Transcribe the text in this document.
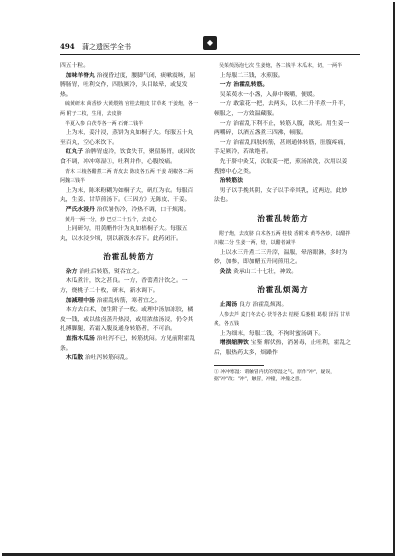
494 蒲之遗医学全书	◆

四五十粒。

加味羊脊丸 治视昏过度，腰脚气闭，痰嗽震咳，屈膊肠胃，吐利交作，四肢厥冷，头目眩晕，或复发热。

硫黄研末 茴香炒 大黄煨熟 官桂去粗皮 甘草炙 干姜炮，各一两 附子二枚，生用，去皮脐

半夏入参 白茯苓各一两 石膏二钱半

上为末，姜汁浸，蒸饼为丸如桐子大。每服五十丸至百丸，空心米饮下。

红丸子 治脾胃虚冷，饮食失节，聚留肠胃，或因饮食不调，冲冲寒湿①，吐利并作，心腹绞痛。

青木 三棱各醋煮二两 青皮去 陈皮各五两 干姜 胡椒各二两 阿魏三钱半

上为末，陈米粉糊为如桐子大，矾红为衣。每服百丸，生姜、甘草煎汤下。《三因方》无陈皮、干姜。

严氏水浸丹 治伏暑伤冷，冷热不调，口干烦渴。

黄丹一两一分，炒 巴豆二十五个，去皮心

上同研匀，用黄醋作汁为丸如梧桐子大。每服五丸，以水浸少顷，别以新汲水吞下。此药闭汗。

治霍乱转筋方

杂方 治吐后转筋，熨吞宜之。

木瓜煮汁，饮之甚良。一方，香薷煮汁饮之。一方，烧桃子二十枚，研末，新水调下。

加减理中汤 治霍乱转筋，寒者宜之。

本方去白术，加生附子一枚。或理中汤加冻胶，橘皮一钱，或以盐卤蒸升热浸，或用浓盐汤浸，仍令其扎搏脚腿，若霜入腹及通身转筋者，不可治。

直指木瓜汤 治吐泻不已，转筋扰闷。方见前附霍乱条。

木瓜散 治吐泻转筋闷乱。

吴茱萸汤泡七次 生姜炮，各二钱半 木瓜末，切，一两半

上每服二三钱，水煎服。

一方 治霍乱转筋。

吴茱萸水一小盏，入鼻中吸嚼，便缓。

一方 敢蒙花一把，去两头，以水二升半煮一升半，顿服之，一方效温藏服。

一方 治霍乱下利不止，转筋人腹，欲死。用生姜一两嚼碎，以酒五盏煮三四沸，顿服。

一方 治霍乱四肢转筋，甚则通体转筋，肚腹疼痛，手足厥冷，若欲绝者。

先于脐中灸艾，次取姜一把，煎汤浓洗，次用以姜搜擦中心之类。

治转筋法

男子以手挽其阴，女子以手牵其乳，近两边，此妙法也。

治霍乱转筋方

附子炮，去皮脐 白术各五两 桂枝 香附米 黄芩各炒，以醋拌 川椒二分 生姜一两，焙，以醋者减半

上以水三升煮二三升滓，温服，晕溶眼淋，多时为妙，加参，即加醋五升同煎用之。

灸法 灸承山二十七壮，神效。

治霍乱烦渴方

止渴汤 良方 治霍乱烦渴。

人参去芦 麦门冬去心 茯苓各去 桔梗 瓜蒌根 葛根 泽泻 甘草炙，各五钱

上为细末，每服二钱，不拘时蜜汤调下。

增损缩脾饮 宝鉴 解伏热，消暑毒，止吐利，霍乱之后，服热药太多，烦躁作

① 冲冲寒湿：谓触冒内伏的寒湿之气。原作"冲"，疑误，据"冲"改；"冲"，触冒，冲撞，冲撞之意。
